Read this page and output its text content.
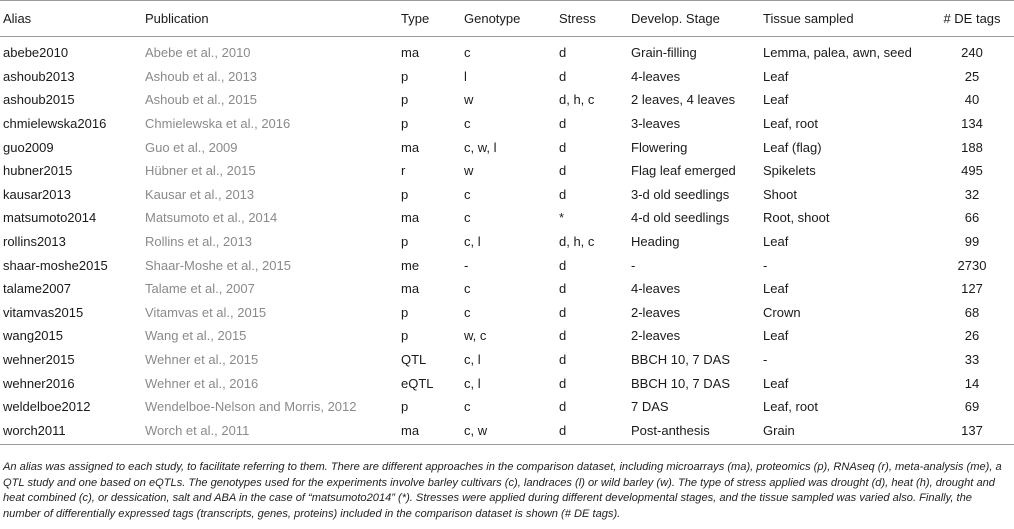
Alias	Publication	Type	Genotype	Stress	Develop. Stage	Tissue sampled	# DE tags
abebe2010	Abebe et al., 2010	ma	c	d	Grain-filling	Lemma, palea, awn, seed	240
ashoub2013	Ashoub et al., 2013	p	l	d	4-leaves	Leaf	25
ashoub2015	Ashoub et al., 2015	p	w	d, h, c	2 leaves, 4 leaves	Leaf	40
chmielewska2016	Chmielewska et al., 2016	p	c	d	3-leaves	Leaf, root	134
guo2009	Guo et al., 2009	ma	c, w, l	d	Flowering	Leaf (flag)	188
hubner2015	Hübner et al., 2015	r	w	d	Flag leaf emerged	Spikelets	495
kausar2013	Kausar et al., 2013	p	c	d	3-d old seedlings	Shoot	32
matsumoto2014	Matsumoto et al., 2014	ma	c	*	4-d old seedlings	Root, shoot	66
rollins2013	Rollins et al., 2013	p	c, l	d, h, c	Heading	Leaf	99
shaar-moshe2015	Shaar-Moshe et al., 2015	me	-	d	-	-	2730
talame2007	Talame et al., 2007	ma	c	d	4-leaves	Leaf	127
vitamvas2015	Vitamvas et al., 2015	p	c	d	2-leaves	Crown	68
wang2015	Wang et al., 2015	p	w, c	d	2-leaves	Leaf	26
wehner2015	Wehner et al., 2015	QTL	c, l	d	BBCH 10, 7 DAS	-	33
wehner2016	Wehner et al., 2016	eQTL	c, l	d	BBCH 10, 7 DAS	Leaf	14
weldelboe2012	Wendelboe-Nelson and Morris, 2012	p	c	d	7 DAS	Leaf, root	69
worch2011	Worch et al., 2011	ma	c, w	d	Post-anthesis	Grain	137
An alias was assigned to each study, to facilitate referring to them. There are different approaches in the comparison dataset, including microarrays (ma), proteomics (p), RNAseq (r), meta-analysis (me), a QTL study and one based on eQTLs. The genotypes used for the experiments involve barley cultivars (c), landraces (l) or wild barley (w). The type of stress applied was drought (d), heat (h), drought and heat combined (c), or dessication, salt and ABA in the case of “matsumoto2014” (*). Stresses were applied during different developmental stages, and the tissue sampled was varied also. Finally, the number of differentially expressed tags (transcripts, genes, proteins) included in the comparison dataset is shown (# DE tags).
